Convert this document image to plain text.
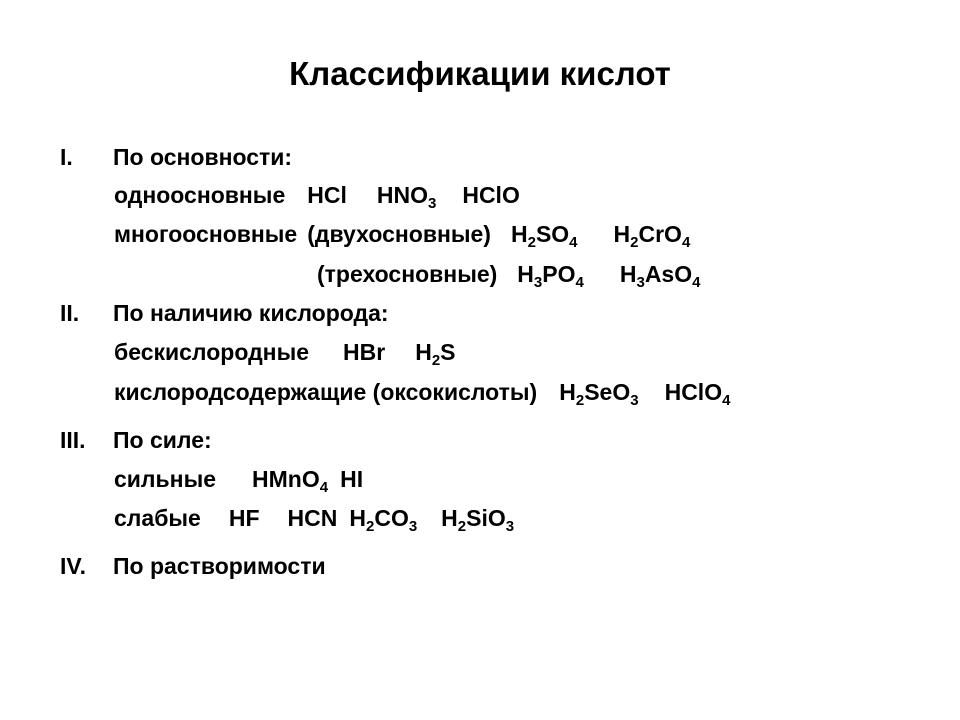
Классификации кислот
I. По основности:
одноосновные HCl $HNO_3$ HClO
многоосновные (двухосновные) $H_2SO_4$ $H_2CrO_4$
(трехосновные) $H_3PO_4$ $H_3AsO_4$
II. По наличию кислорода:
бескислородные HBr $H_2S$
кислородсодержащие (оксокислоты) $H_2SeO_3$ HClO$_4$
III. По силе:
сильные HMnO$_4$ HI
слабые HF HCN $H_2CO_3$ $H_2SiO_3$
IV. По растворимости
